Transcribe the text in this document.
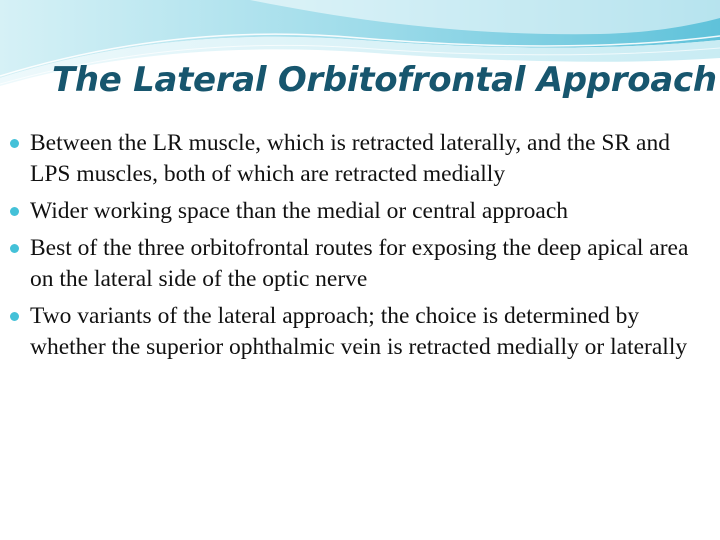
The Lateral Orbitofrontal Approach
Between the LR muscle, which is retracted laterally, and the SR and LPS muscles, both of which are retracted medially
Wider working space than the medial or central approach
Best of the three orbitofrontal routes for exposing the deep apical area on the lateral side of the optic nerve
Two variants of the lateral approach; the choice is determined by whether the superior ophthalmic vein is retracted medially or laterally
